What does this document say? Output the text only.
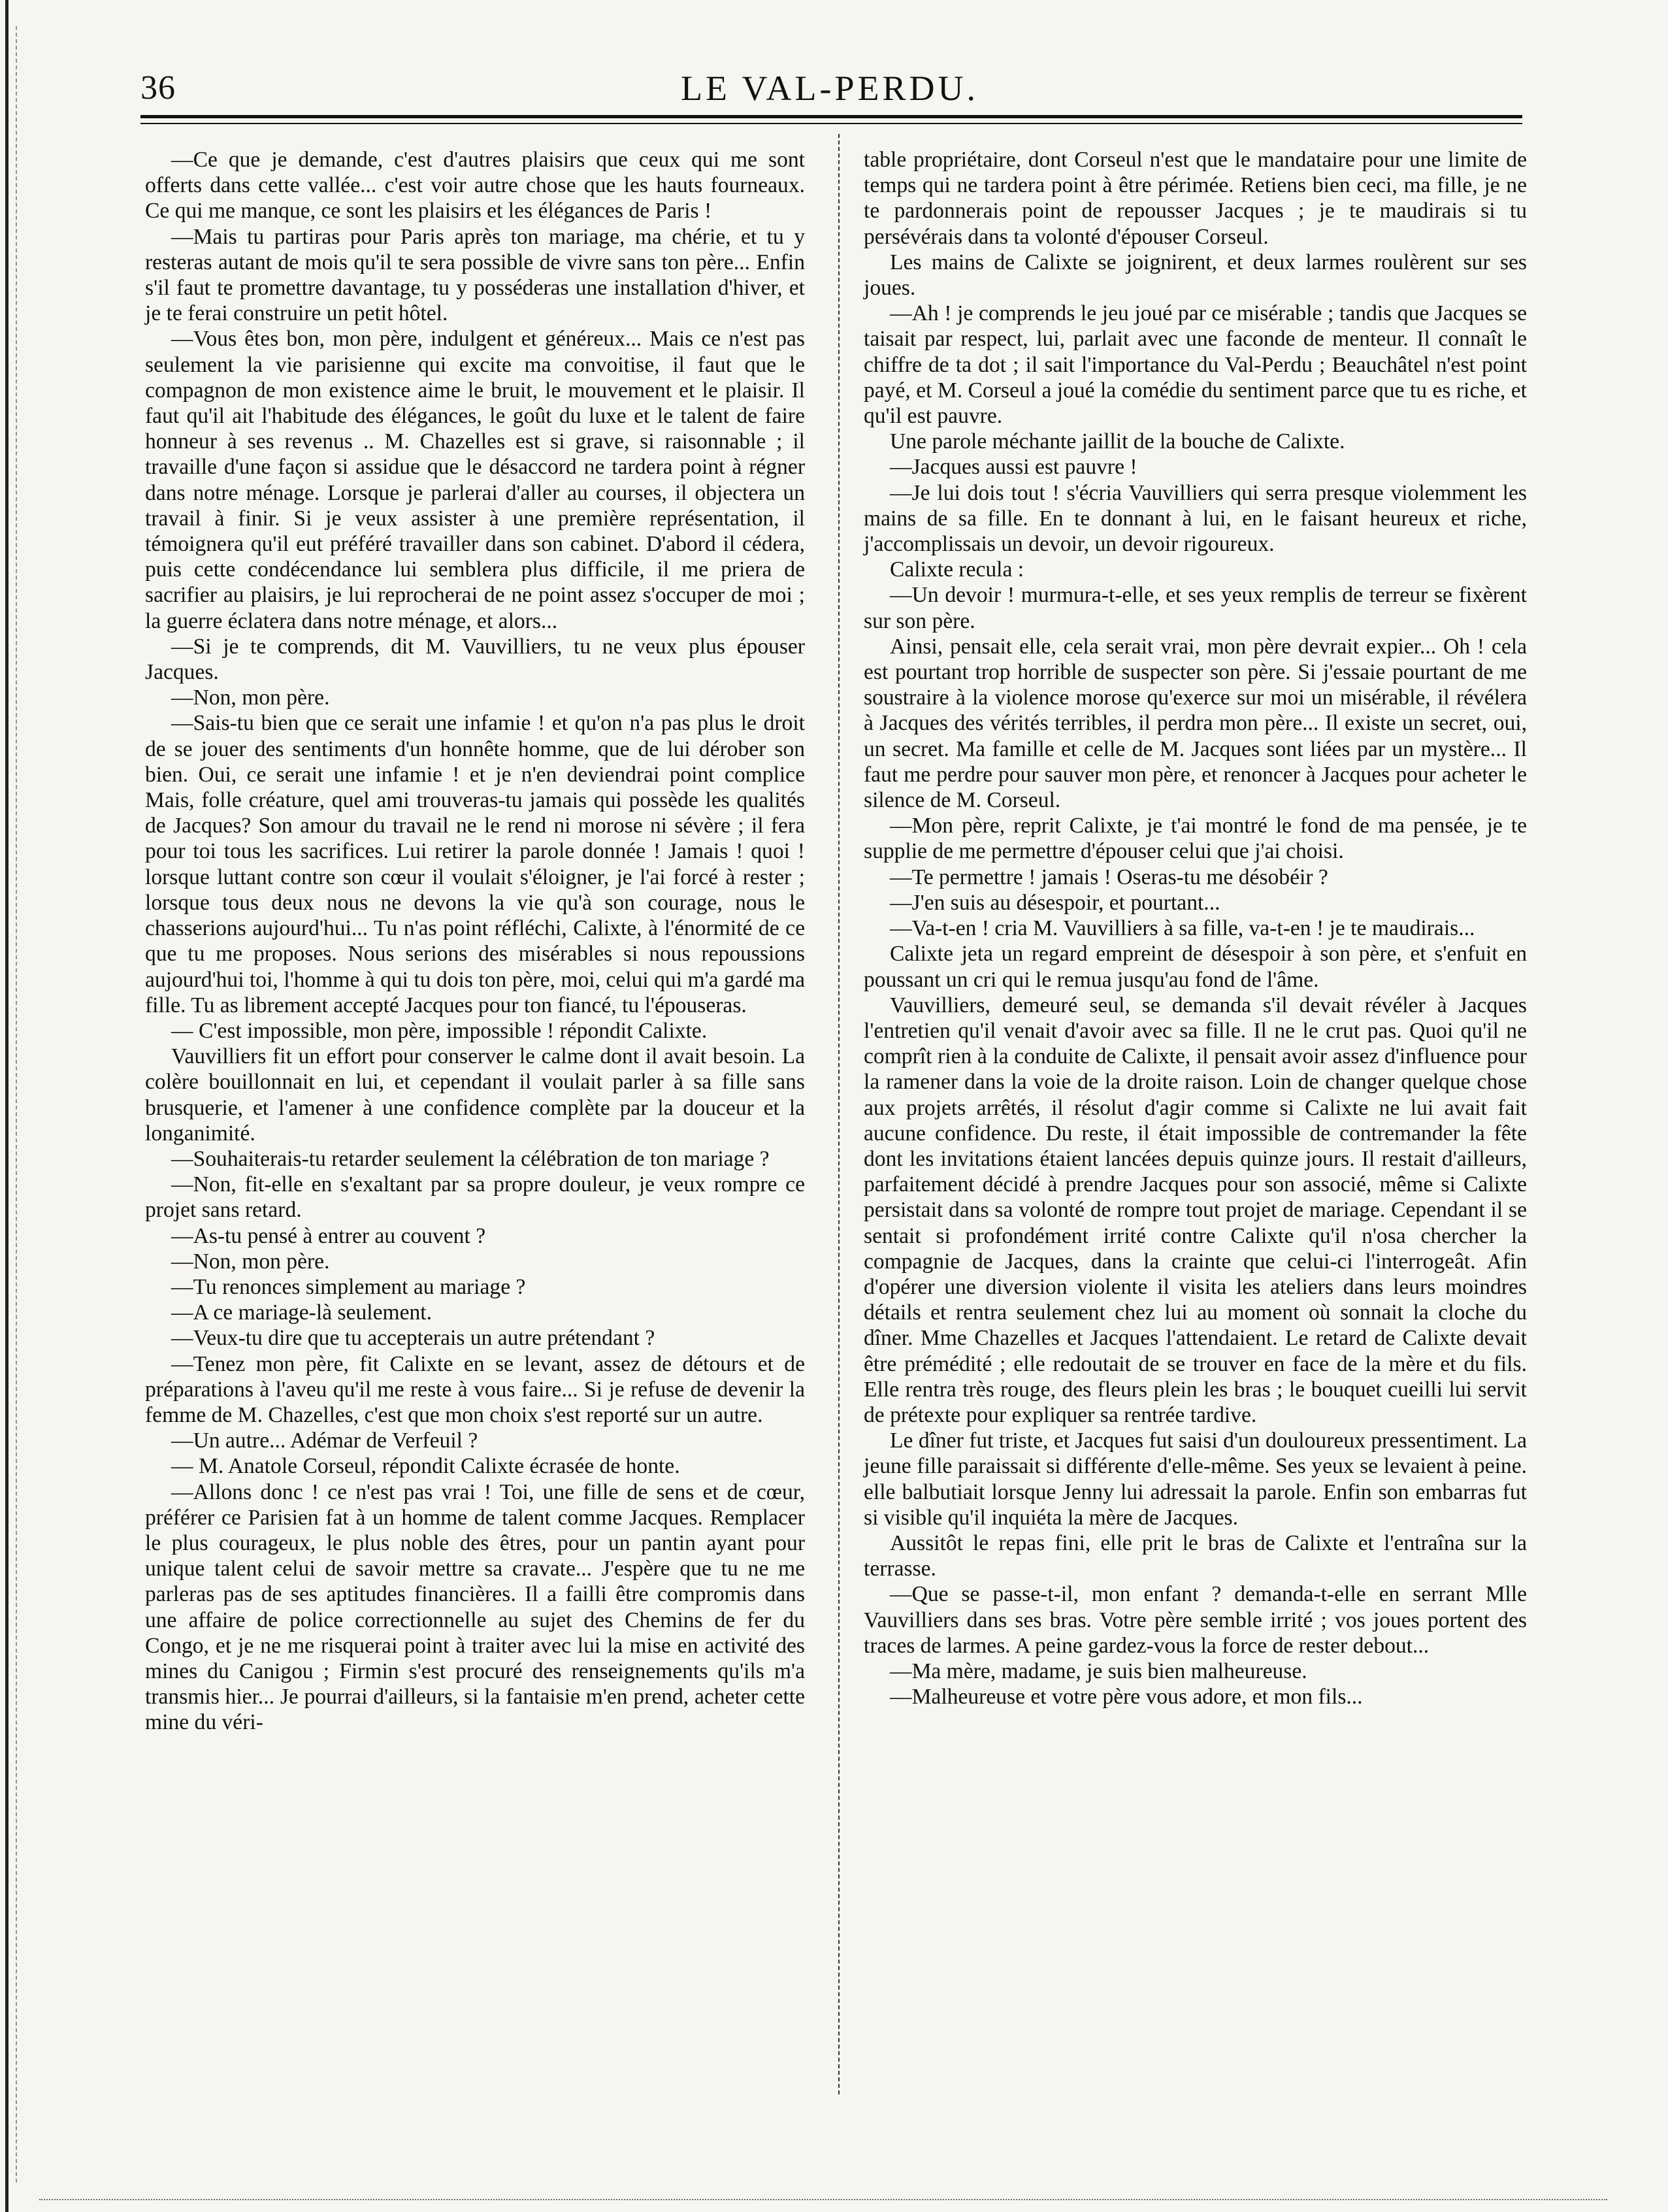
36	LE VAL-PERDU.

—Ce que je demande, c'est d'autres plaisirs que ceux qui me sont offerts dans cette vallée... c'est voir autre chose que les hauts fourneaux. Ce qui me manque, ce sont les plaisirs et les élégances de Paris !

—Mais tu partiras pour Paris après ton mariage, ma chérie, et tu y resteras autant de mois qu'il te sera possible de vivre sans ton père... Enfin s'il faut te promettre davantage, tu y posséderas une installation d'hiver, et je te ferai construire un petit hôtel.

—Vous êtes bon, mon père, indulgent et généreux... Mais ce n'est pas seulement la vie parisienne qui excite ma convoitise, il faut que le compagnon de mon existence aime le bruit, le mouvement et le plaisir. Il faut qu'il ait l'habitude des élégances, le goût du luxe et le talent de faire honneur à ses revenus .. M. Chazelles est si grave, si raisonnable ; il travaille d'une façon si assidue que le désaccord ne tardera point à régner dans notre ménage. Lorsque je parlerai d'aller au courses, il objectera un travail à finir. Si je veux assister à une première représentation, il témoignera qu'il eut préféré travailler dans son cabinet. D'abord il cédera, puis cette condécendance lui semblera plus difficile, il me priera de sacrifier au plaisirs, je lui reprocherai de ne point assez s'occuper de moi ; la guerre éclatera dans notre ménage, et alors...

—Si je te comprends, dit M. Vauvilliers, tu ne veux plus épouser Jacques.

—Non, mon père.

—Sais-tu bien que ce serait une infamie ! et qu'on n'a pas plus le droit de se jouer des sentiments d'un honnête homme, que de lui dérober son bien. Oui, ce serait une infamie ! et je n'en deviendrai point complice Mais, folle créature, quel ami trouveras-tu jamais qui possède les qualités de Jacques? Son amour du travail ne le rend ni morose ni sévère ; il fera pour toi tous les sacrifices. Lui retirer la parole donnée ! Jamais ! quoi ! lorsque luttant contre son cœur il voulait s'éloigner, je l'ai forcé à rester ; lorsque tous deux nous ne devons la vie qu'à son courage, nous le chasserions aujourd'hui... Tu n'as point réfléchi, Calixte, à l'énormité de ce que tu me proposes. Nous serions des misérables si nous repoussions aujourd'hui toi, l'homme à qui tu dois ton père, moi, celui qui m'a gardé ma fille. Tu as librement accepté Jacques pour ton fiancé, tu l'épouseras.

— C'est impossible, mon père, impossible ! répondit Calixte.

Vauvilliers fit un effort pour conserver le calme dont il avait besoin. La colère bouillonnait en lui, et cependant il voulait parler à sa fille sans brusquerie, et l'amener à une confidence complète par la douceur et la longanimité.

—Souhaiterais-tu retarder seulement la célébration de ton mariage ?

—Non, fit-elle en s'exaltant par sa propre douleur, je veux rompre ce projet sans retard.

—As-tu pensé à entrer au couvent ?

—Non, mon père.

—Tu renonces simplement au mariage ?

—A ce mariage-là seulement.

—Veux-tu dire que tu accepterais un autre prétendant ?

—Tenez mon père, fit Calixte en se levant, assez de détours et de préparations à l'aveu qu'il me reste à vous faire... Si je refuse de devenir la femme de M. Chazelles, c'est que mon choix s'est reporté sur un autre.

—Un autre... Adémar de Verfeuil ?

— M. Anatole Corseul, répondit Calixte écrasée de honte.

—Allons donc ! ce n'est pas vrai ! Toi, une fille de sens et de cœur, préférer ce Parisien fat à un homme de talent comme Jacques. Remplacer le plus courageux, le plus noble des êtres, pour un pantin ayant pour unique talent celui de savoir mettre sa cravate... J'espère que tu ne me parleras pas de ses aptitudes financières. Il a failli être compromis dans une affaire de police correctionnelle au sujet des Chemins de fer du Congo, et je ne me risquerai point à traiter avec lui la mise en activité des mines du Canigou ; Firmin s'est procuré des renseignements qu'ils m'a transmis hier... Je pourrai d'ailleurs, si la fantaisie m'en prend, acheter cette mine du véri-

table propriétaire, dont Corseul n'est que le mandataire pour une limite de temps qui ne tardera point à être périmée. Retiens bien ceci, ma fille, je ne te pardonnerais point de repousser Jacques ; je te maudirais si tu persévérais dans ta volonté d'épouser Corseul.

Les mains de Calixte se joignirent, et deux larmes roulèrent sur ses joues.

—Ah ! je comprends le jeu joué par ce misérable ; tandis que Jacques se taisait par respect, lui, parlait avec une faconde de menteur. Il connaît le chiffre de ta dot ; il sait l'importance du Val-Perdu ; Beauchâtel n'est point payé, et M. Corseul a joué la comédie du sentiment parce que tu es riche, et qu'il est pauvre.

Une parole méchante jaillit de la bouche de Calixte.

—Jacques aussi est pauvre !

—Je lui dois tout ! s'écria Vauvilliers qui serra presque violemment les mains de sa fille. En te donnant à lui, en le faisant heureux et riche, j'accomplissais un devoir, un devoir rigoureux.

Calixte recula :

—Un devoir ! murmura-t-elle, et ses yeux remplis de terreur se fixèrent sur son père.

Ainsi, pensait elle, cela serait vrai, mon père devrait expier... Oh ! cela est pourtant trop horrible de suspecter son père. Si j'essaie pourtant de me soustraire à la violence morose qu'exerce sur moi un misérable, il révélera à Jacques des vérités terribles, il perdra mon père... Il existe un secret, oui, un secret. Ma famille et celle de M. Jacques sont liées par un mystère... Il faut me perdre pour sauver mon père, et renoncer à Jacques pour acheter le silence de M. Corseul.

—Mon père, reprit Calixte, je t'ai montré le fond de ma pensée, je te supplie de me permettre d'épouser celui que j'ai choisi.

—Te permettre ! jamais ! Oseras-tu me désobéir ?

—J'en suis au désespoir, et pourtant...

—Va-t-en ! cria M. Vauvilliers à sa fille, va-t-en ! je te maudirais...

Calixte jeta un regard empreint de désespoir à son père, et s'enfuit en poussant un cri qui le remua jusqu'au fond de l'âme.

Vauvilliers, demeuré seul, se demanda s'il devait révéler à Jacques l'entretien qu'il venait d'avoir avec sa fille. Il ne le crut pas. Quoi qu'il ne comprît rien à la conduite de Calixte, il pensait avoir assez d'influence pour la ramener dans la voie de la droite raison. Loin de changer quelque chose aux projets arrêtés, il résolut d'agir comme si Calixte ne lui avait fait aucune confidence. Du reste, il était impossible de contremander la fête dont les invitations étaient lancées depuis quinze jours. Il restait d'ailleurs, parfaitement décidé à prendre Jacques pour son associé, même si Calixte persistait dans sa volonté de rompre tout projet de mariage. Cependant il se sentait si profondément irrité contre Calixte qu'il n'osa chercher la compagnie de Jacques, dans la crainte que celui-ci l'interrogeât. Afin d'opérer une diversion violente il visita les ateliers dans leurs moindres détails et rentra seulement chez lui au moment où sonnait la cloche du dîner. Mme Chazelles et Jacques l'attendaient. Le retard de Calixte devait être prémédité ; elle redoutait de se trouver en face de la mère et du fils. Elle rentra très rouge, des fleurs plein les bras ; le bouquet cueilli lui servit de prétexte pour expliquer sa rentrée tardive.

Le dîner fut triste, et Jacques fut saisi d'un douloureux pressentiment. La jeune fille paraissait si différente d'elle-même. Ses yeux se levaient à peine. elle balbutiait lorsque Jenny lui adressait la parole. Enfin son embarras fut si visible qu'il inquiéta la mère de Jacques.

Aussitôt le repas fini, elle prit le bras de Calixte et l'entraîna sur la terrasse.

—Que se passe-t-il, mon enfant ? demanda-t-elle en serrant Mlle Vauvilliers dans ses bras. Votre père semble irrité ; vos joues portent des traces de larmes. A peine gardez-vous la force de rester debout...

—Ma mère, madame, je suis bien malheureuse.

—Malheureuse et votre père vous adore, et mon fils...
